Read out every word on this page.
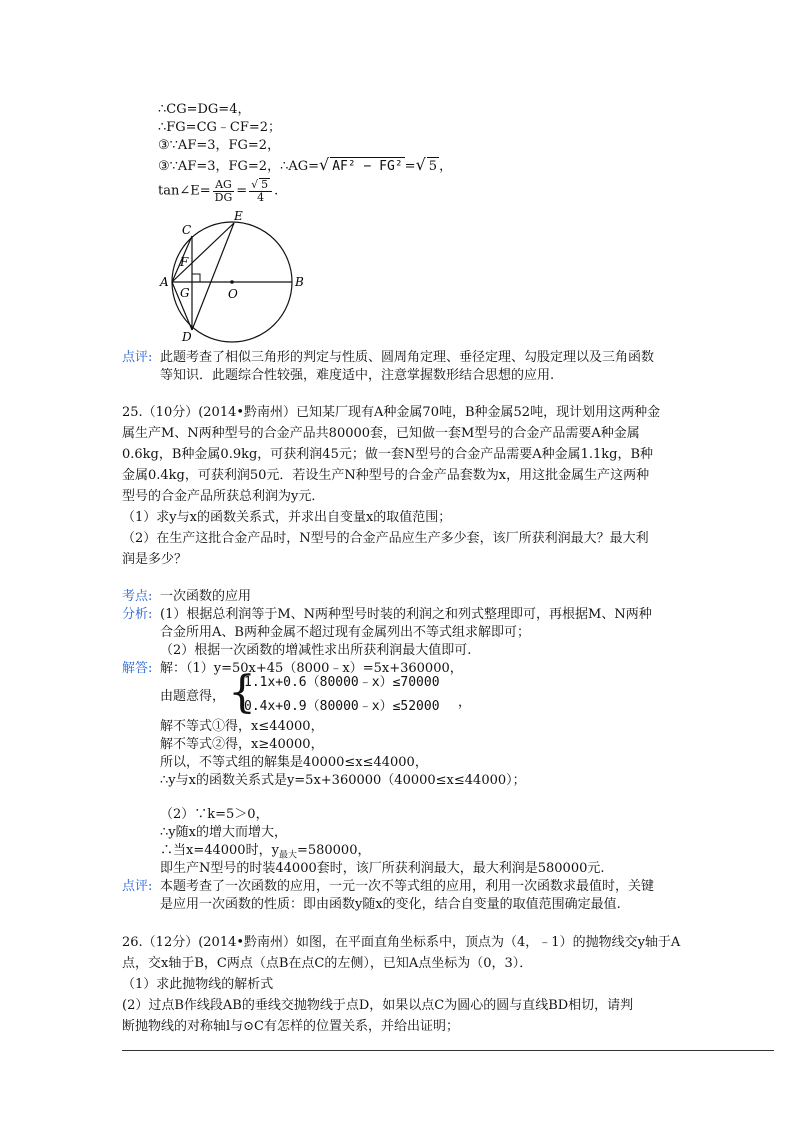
∴CG=DG=4，
∴FG=CG﹣CF=2；
③∵AF=3，FG=2，
③∵AF=3，FG=2，∴AG=√ AF² − FG² =√ 5 ，
tan∠E= $\frac{AG}{DG} = \frac{√ 5}{4}$ .
C
E
F
A
G	O
B
D
点评: 此题考查了相似三角形的判定与性质、圆周角定理、垂径定理、勾股定理以及三角函数
等知识．此题综合性较强，难度适中，注意掌握数形结合思想的应用.
25.（10分）(2014•黔南州）已知某厂现有A种金属70吨，B种金属52吨，现计划用这两种金
属生产M、N两种型号的合金产品共80000套，已知做一套M型号的合金产品需要A种金属
0.6kg，B种金属0.9kg，可获利润45元；做一套N型号的合金产品需要A种金属1.1kg，B种
金属0.4kg，可获利润50元．若设生产N种型号的合金产品套数为x，用这批金属生产这两种
型号的合金产品所获总利润为y元．
（1）求y与x的函数关系式，并求出自变量x的取值范围；
（2）在生产这批合金产品时，N型号的合金产品应生产多少套，该厂所获利润最大？最大利
润是多少？
考点: 一次函数的应用
分析: (1）根据总利润等于M、N两种型号时装的利润之和列式整理即可，再根据M、N两种
合金所用A、B两种金属不超过现有金属列出不等式组求解即可；
（2）根据一次函数的增减性求出所获利润最大值即可.
解答: 解：（1）y=50x+45（8000﹣x）=5x+360000，
由题意得， {
1.1x+0.6（80000﹣x）≤70000
0.4x+0.9（80000﹣x）≤52000 ，
解不等式①得，x≤44000，
解不等式②得，x≥40000，
所以，不等式组的解集是40000≤x≤44000，
∴y与x的函数关系式是y=5x+360000（40000≤x≤44000）；
（2）∵k=5＞0，
∴y随x的增大而增大，
∴当x=44000时，$y_{最大}=580000$，
即生产N型号的时装44000套时，该厂所获利润最大，最大利润是580000元.
点评: 本题考查了一次函数的应用，一元一次不等式组的应用，利用一次函数求最值时，关键
是应用一次函数的性质：即由函数y随x的变化，结合自变量的取值范围确定最值.
26.（12分）(2014•黔南州）如图，在平面直角坐标系中，顶点为（4，﹣1）的抛物线交y轴于A
点，交x轴于B，C两点（点B在点C的左侧），已知A点坐标为（0，3）．
（1）求此抛物线的解析式
(2）过点B作线段AB的垂线交抛物线于点D，如果以点C为圆心的圆与直线BD相切，请判
断抛物线的对称轴l与⊙C有怎样的位置关系，并给出证明；
